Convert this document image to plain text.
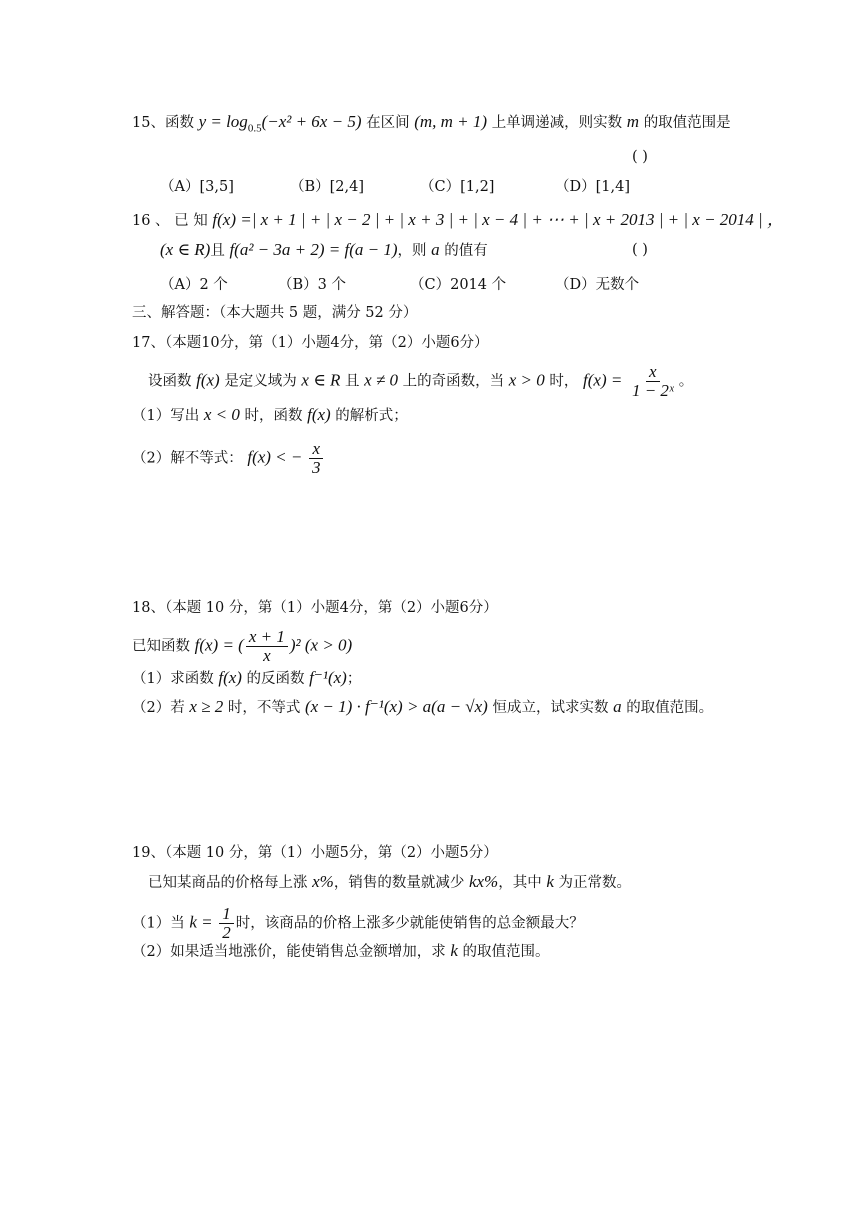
15、函数 $y = \log_{0.5}(-x^2 + 6x - 5)$ 在区间 (m, m + 1) 上单调递减，则实数 m 的取值范围是
( )
（A）[3,5]	（B）[2,4]	（C）[1,2]	（D）[1,4]
16 、 已 知 f(x) =| x + 1 | + | x − 2 | + | x + 3 | + | x − 4 | + ⋯ + | x + 2013 | + | x − 2014 | ，
(x ∈ R)且 f(a² − 3a + 2) = f(a − 1)，则 a 的值有	( )
（A）2 个	（B）3 个	（C）2014 个	（D）无数个
三、解答题：（本大题共 5 题，满分 52 分）
17、（本题10分，第（1）小题4分，第（2）小题6分）
设函数 f(x) 是定义域为 x ∈ R 且 x ≠ 0 上的奇函数，当 x > 0 时， $f(x) = \frac{x}{\text{1 − 2ˣ}}$ 。
（1）写出 x < 0 时，函数 f(x) 的解析式；
（2）解不等式： f(x) < − $\frac{x}{3}$
18、（本题 10 分，第（1）小题4分，第（2）小题6分）
已知函数 f(x) = ( $\frac{x + 1}{x} )^2$ (x > 0)
（1）求函数 f(x) 的反函数 f⁻¹(x)；
（2）若 x ≥ 2 时，不等式 (x − 1) · f⁻¹(x) > a(a − √x) 恒成立，试求实数 a 的取值范围。
19、（本题 10 分，第（1）小题5分，第（2）小题5分）
已知某商品的价格每上涨 x%，销售的数量就减少 kx%，其中 k 为正常数。
（1）当 $k = \frac{1}{2}$ 时，该商品的价格上涨多少就能使销售的总金额最大？
（2）如果适当地涨价，能使销售总金额增加，求 k 的取值范围。
